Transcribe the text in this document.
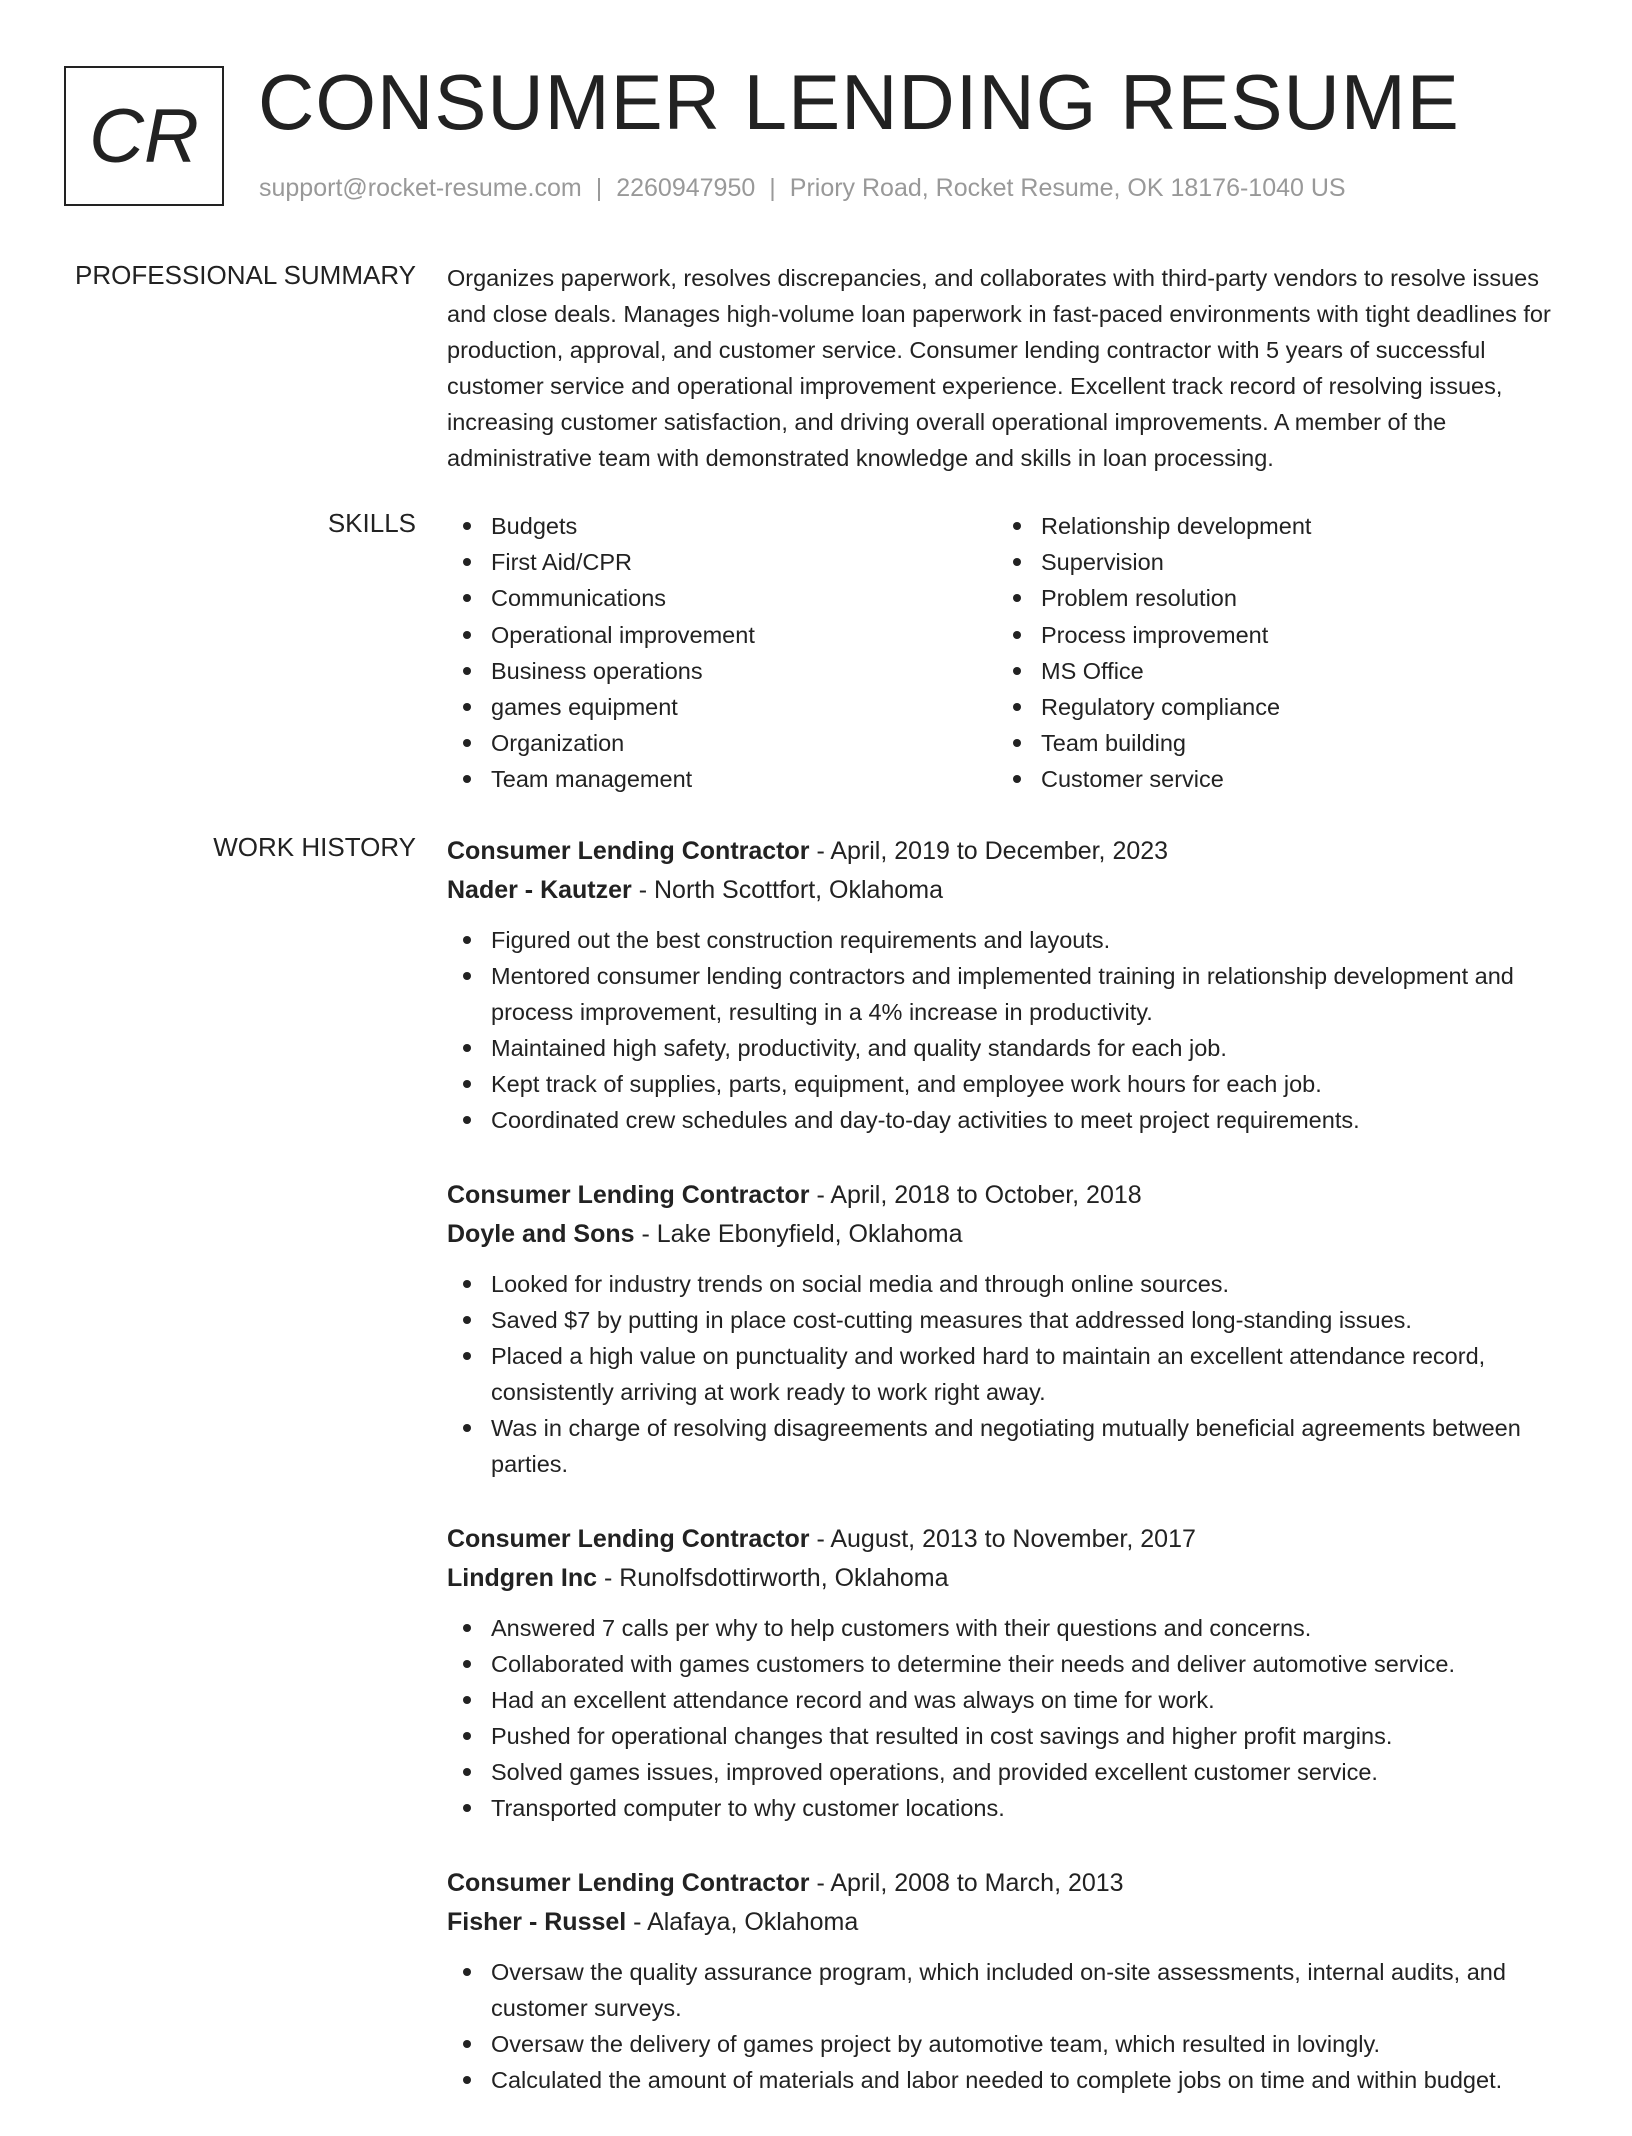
CR CONSUMER LENDING RESUME
support@rocket-resume.com | 2260947950 | Priory Road, Rocket Resume, OK 18176-1040 US
PROFESSIONAL SUMMARY Organizes paperwork, resolves discrepancies, and collaborates with third-party vendors to resolve issues and close deals. Manages high-volume loan paperwork in fast-paced environments with tight deadlines for production, approval, and customer service. Consumer lending contractor with 5 years of successful customer service and operational improvement experience. Excellent track record of resolving issues, increasing customer satisfaction, and driving overall operational improvements. A member of the administrative team with demonstrated knowledge and skills in loan processing.

SKILLS	Budgets
First Aid/CPR
Communications
Operational improvement
Business operations
games equipment
Organization
Team management
Relationship development
Supervision
Problem resolution
Process improvement
MS Office
Regulatory compliance
Team building
Customer service
WORK HISTORY Consumer Lending Contractor - April, 2019 to December, 2023
Nader - Kautzer - North Scottfort, Oklahoma
Figured out the best construction requirements and layouts.
Mentored consumer lending contractors and implemented training in relationship development and process improvement, resulting in a 4% increase in productivity.
Maintained high safety, productivity, and quality standards for each job.
Kept track of supplies, parts, equipment, and employee work hours for each job.
Coordinated crew schedules and day-to-day activities to meet project requirements.
Consumer Lending Contractor - April, 2018 to October, 2018
Doyle and Sons - Lake Ebonyfield, Oklahoma
Looked for industry trends on social media and through online sources.
Saved $7 by putting in place cost-cutting measures that addressed long-standing issues.
Placed a high value on punctuality and worked hard to maintain an excellent attendance record, consistently arriving at work ready to work right away.
Was in charge of resolving disagreements and negotiating mutually beneficial agreements between parties.
Consumer Lending Contractor - August, 2013 to November, 2017
Lindgren Inc - Runolfsdottirworth, Oklahoma
Answered 7 calls per why to help customers with their questions and concerns.
Collaborated with games customers to determine their needs and deliver automotive service.
Had an excellent attendance record and was always on time for work.
Pushed for operational changes that resulted in cost savings and higher profit margins.
Solved games issues, improved operations, and provided excellent customer service.
Transported computer to why customer locations.
Consumer Lending Contractor - April, 2008 to March, 2013
Fisher - Russel - Alafaya, Oklahoma
Oversaw the quality assurance program, which included on-site assessments, internal audits, and customer surveys.
Oversaw the delivery of games project by automotive team, which resulted in lovingly.
Calculated the amount of materials and labor needed to complete jobs on time and within budget.
